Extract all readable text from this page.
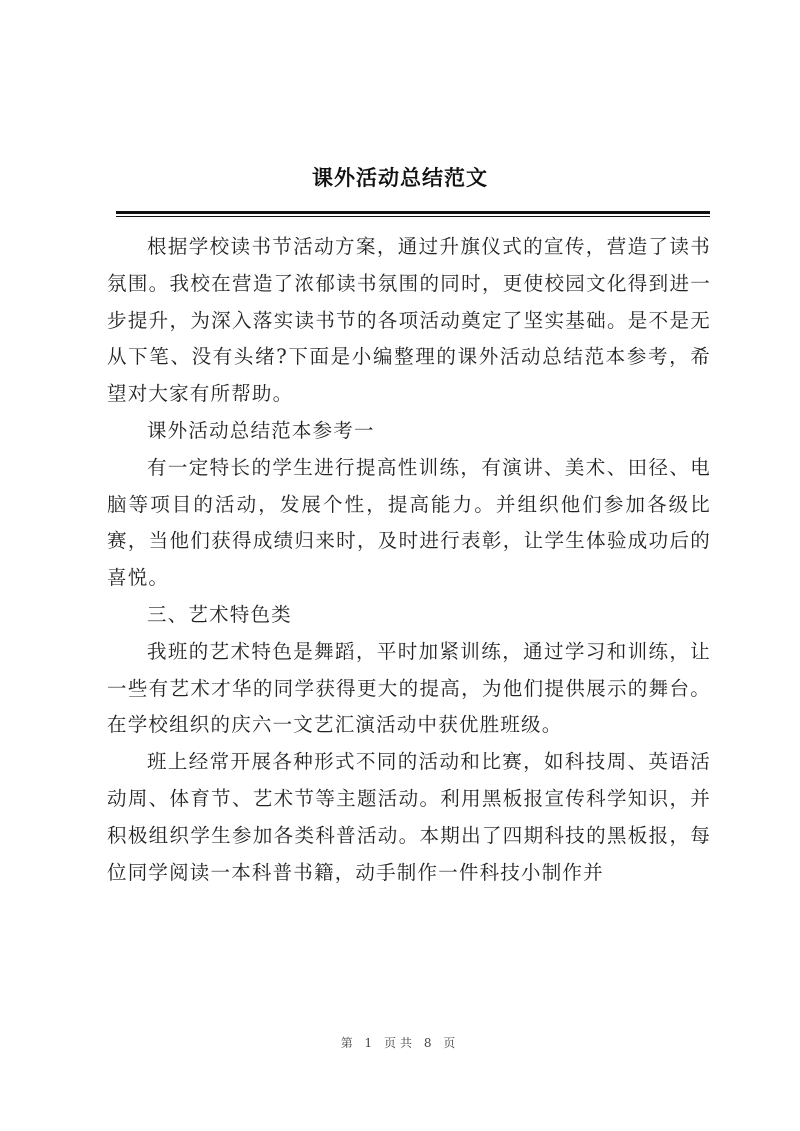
课外活动总结范文

根据学校读书节活动方案，通过升旗仪式的宣传，营造了读书氛围。我校在营造了浓郁读书氛围的同时，更使校园文化得到进一步提升，为深入落实读书节的各项活动奠定了坚实基础。是不是无从下笔、没有头绪?下面是小编整理的课外活动总结范本参考，希望对大家有所帮助。

课外活动总结范本参考一

有一定特长的学生进行提高性训练，有演讲、美术、田径、电脑等项目的活动，发展个性，提高能力。并组织他们参加各级比赛，当他们获得成绩归来时，及时进行表彰，让学生体验成功后的喜悦。

三、艺术特色类

我班的艺术特色是舞蹈，平时加紧训练，通过学习和训练，让一些有艺术才华的同学获得更大的提高，为他们提供展示的舞台。在学校组织的庆六一文艺汇演活动中获优胜班级。

班上经常开展各种形式不同的活动和比赛，如科技周、英语活动周、体育节、艺术节等主题活动。利用黑板报宣传科学知识，并积极组织学生参加各类科普活动。本期出了四期科技的黑板报，每位同学阅读一本科普书籍，动手制作一件科技小制作并

第 1 页共 8 页
